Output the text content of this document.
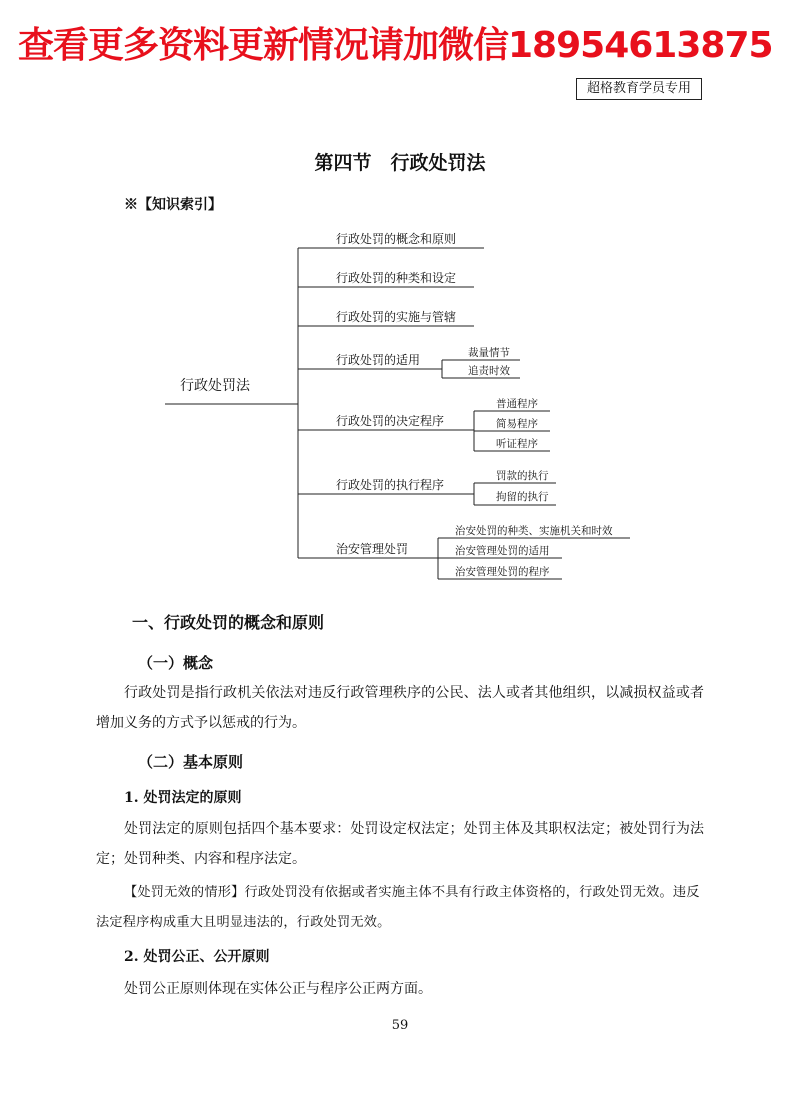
查看更多资料更新情况请加微信18954613875
超格教育学员专用
第四节　行政处罚法
※【知识索引】
行政处罚法
行政处罚的概念和原则
行政处罚的种类和设定
行政处罚的实施与管辖
行政处罚的适用	裁量情节
追责时效
行政处罚的决定程序
普通程序
简易程序
听证程序
行政处罚的执行程序
罚款的执行
拘留的执行
治安管理处罚
治安处罚的种类、实施机关和时效
治安管理处罚的适用
治安管理处罚的程序
一、行政处罚的概念和原则
（一）概念
行政处罚是指行政机关依法对违反行政管理秩序的公民、法人或者其他组织，以减损权益或者增加义务的方式予以惩戒的行为。
（二）基本原则
1. 处罚法定的原则
处罚法定的原则包括四个基本要求：处罚设定权法定；处罚主体及其职权法定；被处罚行为法定；处罚种类、内容和程序法定。
【处罚无效的情形】行政处罚没有依据或者实施主体不具有行政主体资格的，行政处罚无效。违反法定程序构成重大且明显违法的，行政处罚无效。
2. 处罚公正、公开原则
处罚公正原则体现在实体公正与程序公正两方面。
59
